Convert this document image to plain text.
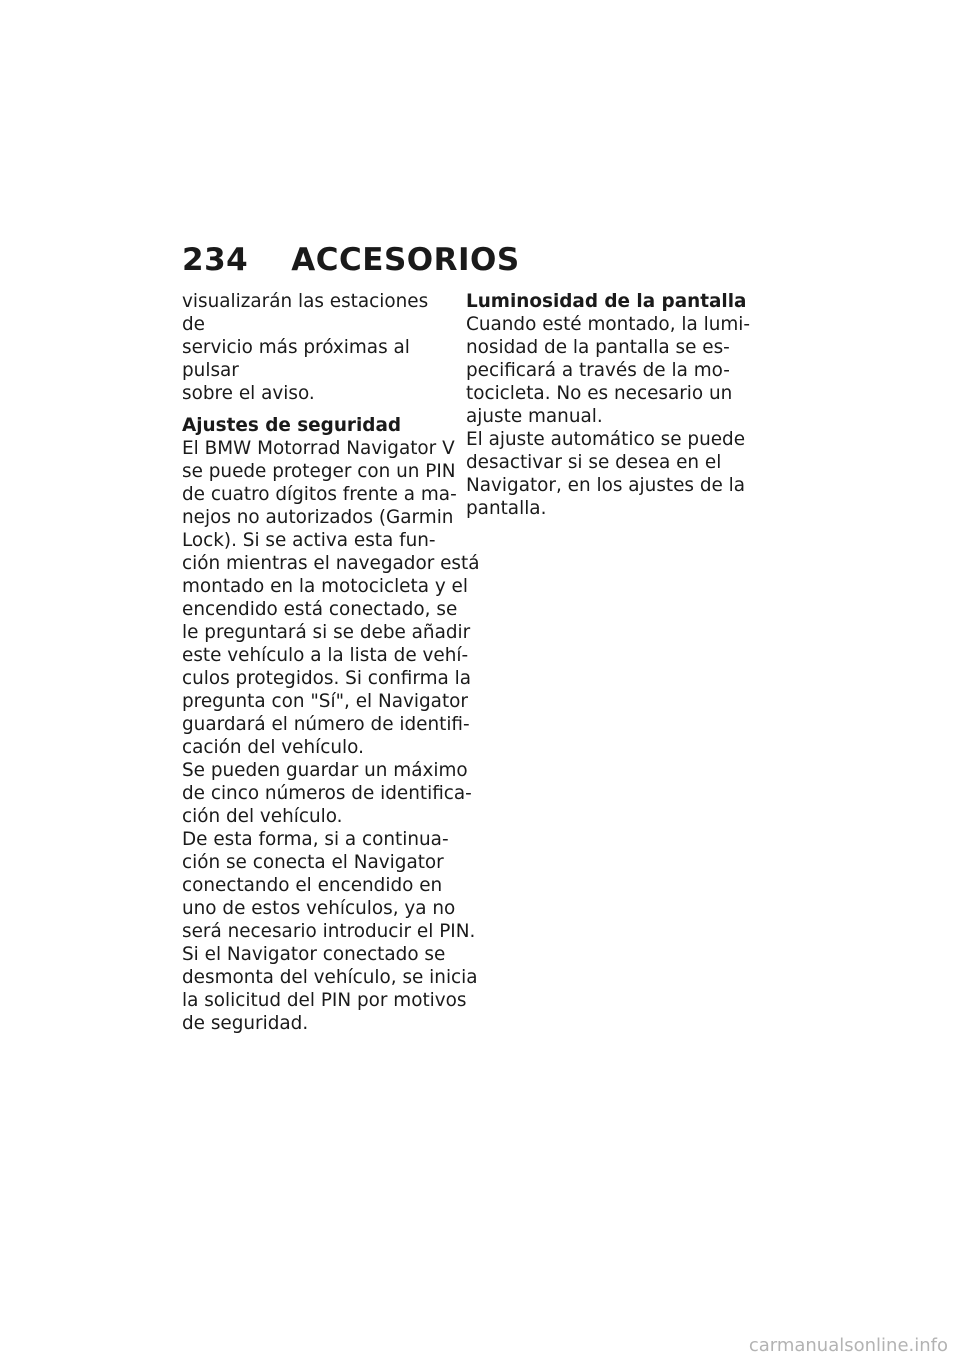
234 ACCESORIOS
visualizarán las estaciones de
servicio más próximas al pulsar
sobre el aviso.
Ajustes de seguridad
El BMW Motorrad Navigator V
se puede proteger con un PIN
de cuatro dígitos frente a ma-
nejos no autorizados (Garmin
Lock). Si se activa esta fun-
ción mientras el navegador está
montado en la motocicleta y el
encendido está conectado, se
le preguntará si se debe añadir
este vehículo a la lista de vehí-
culos protegidos. Si confirma la
pregunta con "Sí", el Navigator
guardará el número de identifi-
cación del vehículo.
Se pueden guardar un máximo
de cinco números de identifica-
ción del vehículo.
De esta forma, si a continua-
ción se conecta el Navigator
conectando el encendido en
uno de estos vehículos, ya no
será necesario introducir el PIN.
Si el Navigator conectado se
desmonta del vehículo, se inicia
la solicitud del PIN por motivos
de seguridad.
Luminosidad de la pantalla
Cuando esté montado, la lumi-
nosidad de la pantalla se es-
pecificará a través de la mo-
tocicleta. No es necesario un
ajuste manual.
El ajuste automático se puede
desactivar si se desea en el
Navigator, en los ajustes de la
pantalla.
carmanualsonline.info
